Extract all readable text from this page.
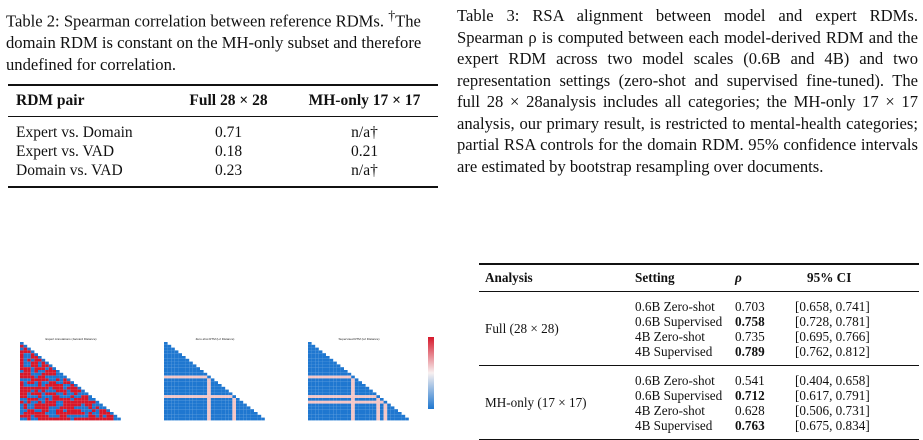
Table 2: Spearman correlation between reference RDMs. †The domain RDM is constant on the MH-only subset and therefore undefined for correlation.
RDM pair	Full 28 × 28	MH-only 17 × 17
Expert vs. Domain	0.71	n/a†
Expert vs. VAD	0.18	0.21
Domain vs. VAD	0.23	n/a†
Table 3: RSA alignment between model and expert RDMs. Spearman ρ is computed between each model-derived RDM and the expert RDM across two model scales (0.6B and 4B) and two representation settings (zero-shot and supervised fine-tuned). The full 28 × 28analysis includes all categories; the MH-only 17 × 17 analysis, our primary result, is restricted to mental-health categories; partial RSA controls for the domain RDM. 95% confidence intervals are estimated by bootstrap resampling over documents.
Analysis	Setting	ρ	95% CI
Full (28 × 28)	0.6B Zero-shot	0.703	[0.658, 0.741]
	0.6B Supervised	0.758	[0.728, 0.781]
	4B Zero-shot	0.735	[0.695, 0.766]
	4B Supervised	0.789	[0.762, 0.812]
MH-only (17 × 17)	0.6B Zero-shot	0.541	[0.404, 0.658]
	0.6B Supervised	0.712	[0.617, 0.791]
	4B Zero-shot	0.628	[0.506, 0.731]
	4B Supervised	0.763	[0.675, 0.834]
Expert Annotations (Jaccard Distance)	Zero-shot RTM (L2 Distance)	Supervised RTM (L2 Distance)
